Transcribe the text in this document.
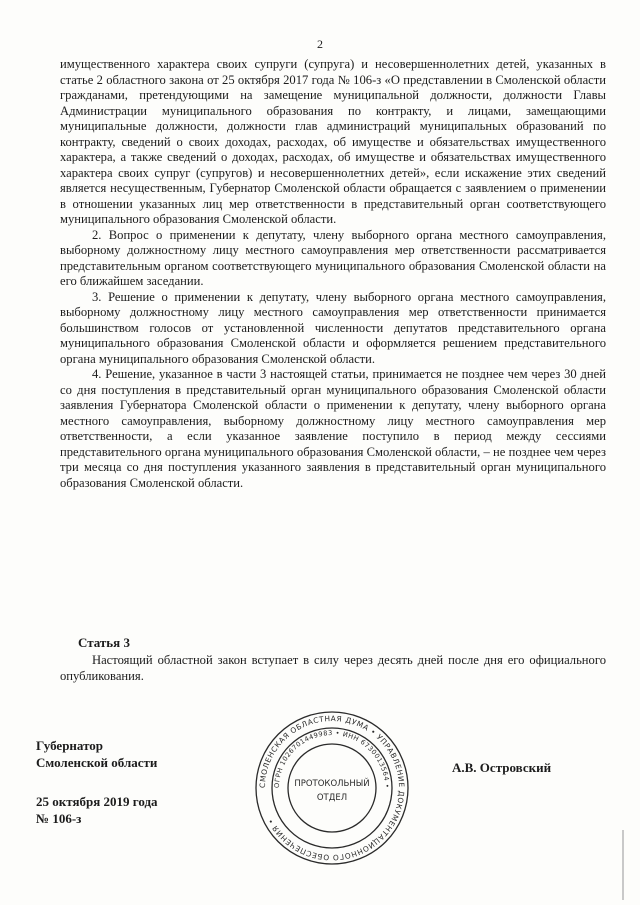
2

имущественного характера своих супруги (супруга) и несовершеннолетних детей, указанных в статье 2 областного закона от 25 октября 2017 года № 106-з «О представлении в Смоленской области гражданами, претендующими на замещение муниципальной должности, должности Главы Администрации муниципального образования по контракту, и лицами, замещающими муниципальные должности, должности глав администраций муниципальных образований по контракту, сведений о своих доходах, расходах, об имуществе и обязательствах имущественного характера, а также сведений о доходах, расходах, об имуществе и обязательствах имущественного характера своих супруг (супругов) и несовершеннолетних детей», если искажение этих сведений является несущественным, Губернатор Смоленской области обращается с заявлением о применении в отношении указанных лиц мер ответственности в представительный орган соответствующего муниципального образования Смоленской области.

2. Вопрос о применении к депутату, члену выборного органа местного самоуправления, выборному должностному лицу местного самоуправления мер ответственности рассматривается представительным органом соответствующего муниципального образования Смоленской области на его ближайшем заседании.

3. Решение о применении к депутату, члену выборного органа местного самоуправления, выборному должностному лицу местного самоуправления мер ответственности принимается большинством голосов от установленной численности депутатов представительного органа муниципального образования Смоленской области и оформляется решением представительного органа муниципального образования Смоленской области.

4. Решение, указанное в части 3 настоящей статьи, принимается не позднее чем через 30 дней со дня поступления в представительный орган муниципального образования Смоленской области заявления Губернатора Смоленской области о применении к депутату, члену выборного органа местного самоуправления, выборному должностному лицу местного самоуправления мер ответственности, а если указанное заявление поступило в период между сессиями представительного органа муниципального образования Смоленской области, – не позднее чем через три месяца со дня поступления указанного заявления в представительный орган муниципального образования Смоленской области.

Статья 3

Настоящий областной закон вступает в силу через десять дней после дня его официального опубликования.

Губернатор
Смоленской области
25 октября 2019 года
№ 106-з
А.В. Островский
СМОЛЕНСКАЯ ОБЛАСТНАЯ ДУМА • УПРАВЛЕНИЕ ДОКУМЕНТАЦИОННОГО ОБЕСПЕЧЕНИЯ •
ОГРН 1026701449983 • ИНН 6730013564 •
ПРОТОКОЛЬНЫЙ
ОТДЕЛ
